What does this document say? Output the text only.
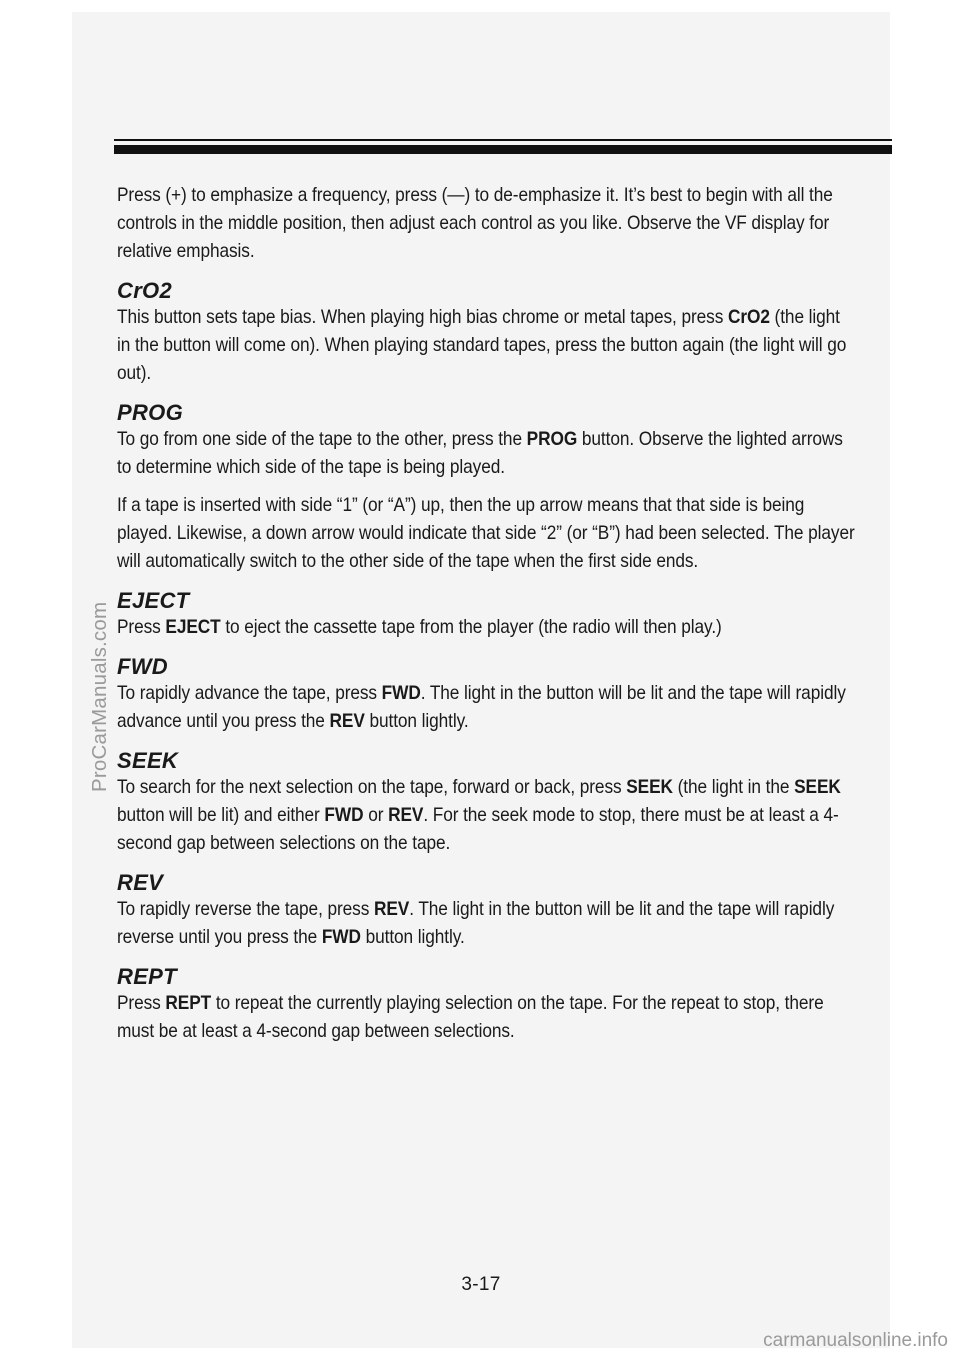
Press (+) to emphasize a frequency, press (—) to de-emphasize it. It’s best to begin with all the controls in the middle position, then adjust each control as you like. Observe the VF display for relative emphasis.

CrO2

This button sets tape bias. When playing high bias chrome or metal tapes, press CrO2 (the light in the button will come on). When playing standard tapes, press the button again (the light will go out).

PROG

To go from one side of the tape to the other, press the PROG button. Observe the lighted arrows to determine which side of the tape is being played.

If a tape is inserted with side “1” (or “A”) up, then the up arrow means that that side is being played. Likewise, a down arrow would indicate that side “2” (or “B”) had been selected. The player will automatically switch to the other side of the tape when the first side ends.

EJECT

Press EJECT to eject the cassette tape from the player (the radio will then play.)

FWD

To rapidly advance the tape, press FWD. The light in the button will be lit and the tape will rapidly advance until you press the REV button lightly.

SEEK

To search for the next selection on the tape, forward or back, press SEEK (the light in the SEEK button will be lit) and either FWD or REV. For the seek mode to stop, there must be at least a 4-second gap between selections on the tape.

REV

To rapidly reverse the tape, press REV. The light in the button will be lit and the tape will rapidly reverse until you press the FWD button lightly.

REPT

Press REPT to repeat the currently playing selection on the tape. For the repeat to stop, there must be at least a 4-second gap between selections.

3-17
ProCarManuals.com
carmanualsonline.info
